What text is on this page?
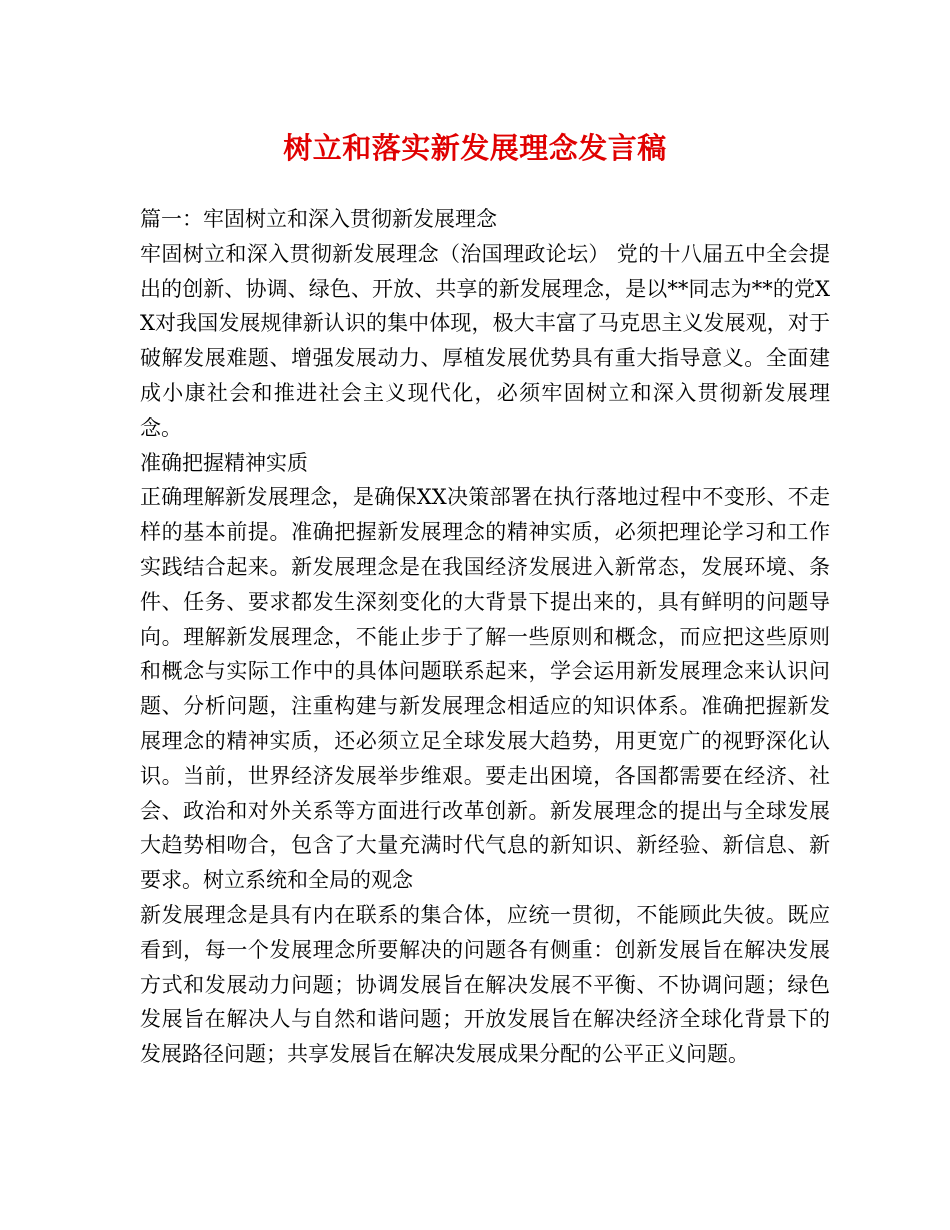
树立和落实新发展理念发言稿

篇一：牢固树立和深入贯彻新发展理念

牢固树立和深入贯彻新发展理念（治国理政论坛） 党的十八届五中全会提出的创新、协调、绿色、开放、共享的新发展理念，是以**同志为**的党XX对我国发展规律新认识的集中体现，极大丰富了马克思主义发展观，对于破解发展难题、增强发展动力、厚植发展优势具有重大指导意义。全面建成小康社会和推进社会主义现代化，必须牢固树立和深入贯彻新发展理念。

准确把握精神实质

正确理解新发展理念，是确保XX决策部署在执行落地过程中不变形、不走样的基本前提。准确把握新发展理念的精神实质，必须把理论学习和工作实践结合起来。新发展理念是在我国经济发展进入新常态，发展环境、条件、任务、要求都发生深刻变化的大背景下提出来的，具有鲜明的问题导向。理解新发展理念，不能止步于了解一些原则和概念，而应把这些原则和概念与实际工作中的具体问题联系起来，学会运用新发展理念来认识问题、分析问题，注重构建与新发展理念相适应的知识体系。准确把握新发展理念的精神实质，还必须立足全球发展大趋势，用更宽广的视野深化认识。当前，世界经济发展举步维艰。要走出困境，各国都需要在经济、社会、政治和对外关系等方面进行改革创新。新发展理念的提出与全球发展大趋势相吻合，包含了大量充满时代气息的新知识、新经验、新信息、新要求。树立系统和全局的观念

新发展理念是具有内在联系的集合体，应统一贯彻，不能顾此失彼。既应看到，每一个发展理念所要解决的问题各有侧重：创新发展旨在解决发展方式和发展动力问题；协调发展旨在解决发展不平衡、不协调问题；绿色发展旨在解决人与自然和谐问题；开放发展旨在解决经济全球化背景下的发展路径问题；共享发展旨在解决发展成果分配的公平正义问题。
